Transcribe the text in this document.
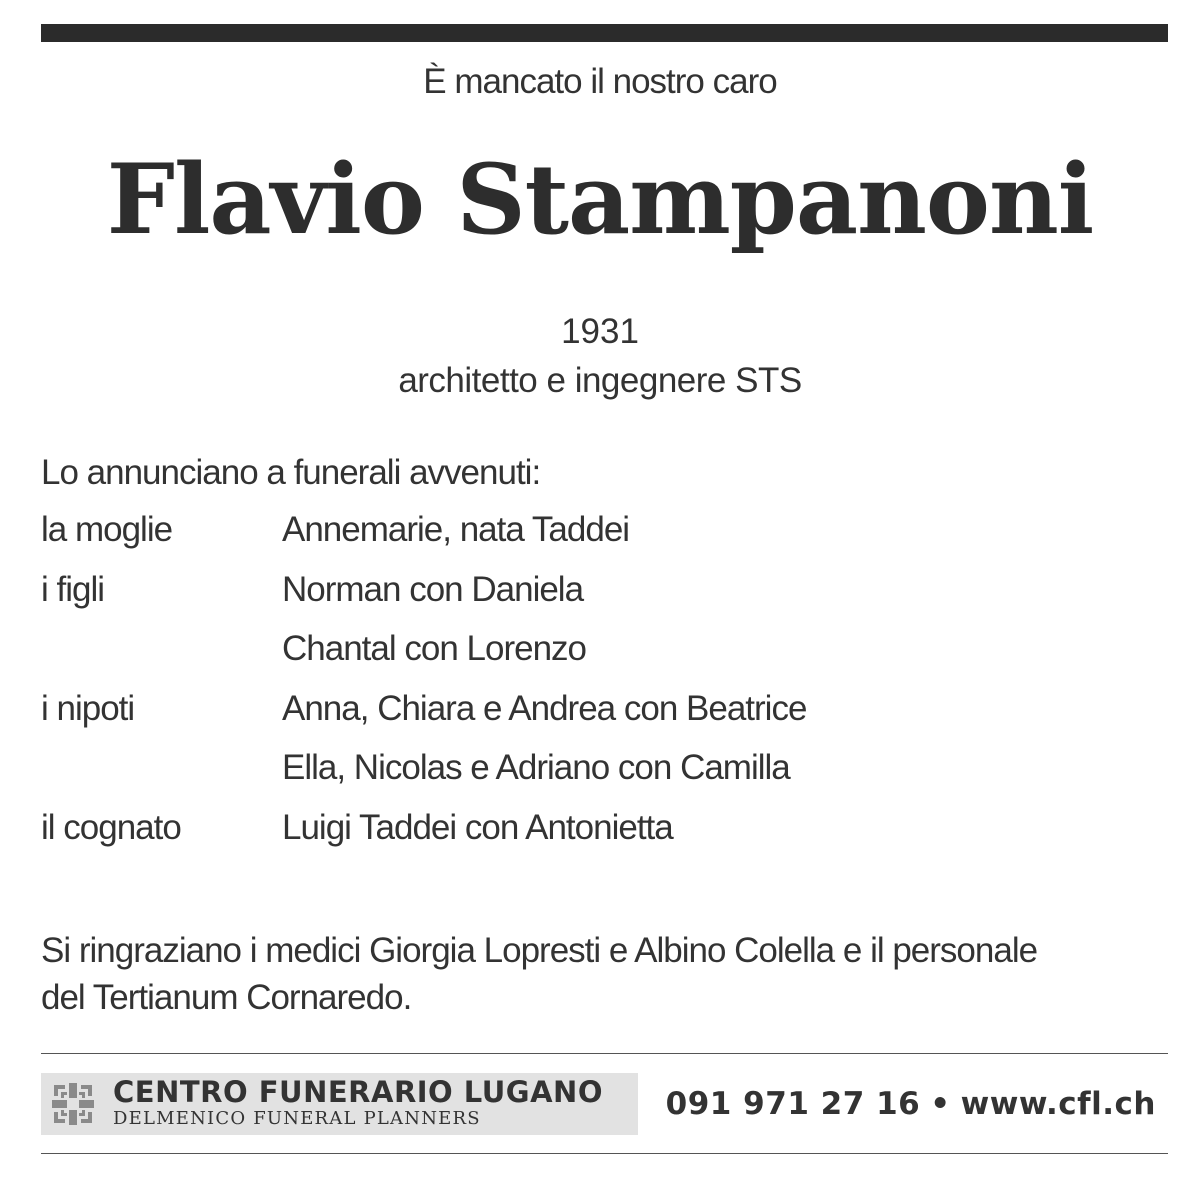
È mancato il nostro caro
Flavio Stampanoni
1931
architetto e ingegnere STS
Lo annunciano a funerali avvenuti:
la moglie	Annemarie, nata Taddei
i figli	Norman con Daniela
Chantal con Lorenzo
i nipoti	Anna, Chiara e Andrea con Beatrice
Ella, Nicolas e Adriano con Camilla
il cognato	Luigi Taddei con Antonietta
Si ringraziano i medici Giorgia Lopresti e Albino Colella e il personale
del Tertianum Cornaredo.
CENTRO FUNERARIO LUGANO
DELMENICO FUNERAL PLANNERS	091 971 27 16 • www.cfl.ch
